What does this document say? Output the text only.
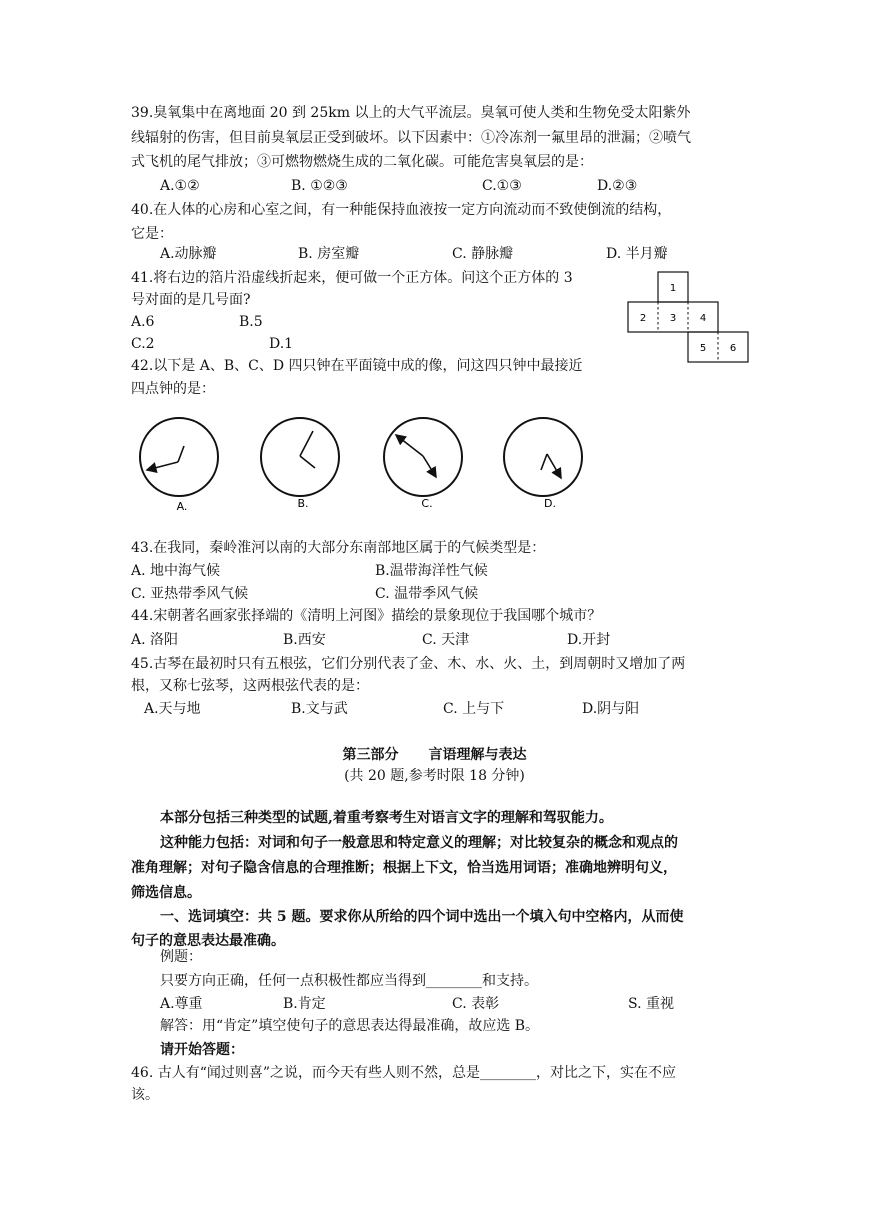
39.臭氧集中在离地面 20 到 25km 以上的大气平流层。臭氧可使人类和生物免受太阳紫外
线辐射的伤害，但目前臭氧层正受到破坏。以下因素中：①冷冻剂一氟里昂的泄漏；②喷气
式飞机的尾气排放；③可燃物燃烧生成的二氧化碳。可能危害臭氧层的是：
A.①②	B. ①②③	C.①③	D.②③
40.在人体的心房和心室之间，有一种能保持血液按一定方向流动而不致使倒流的结构，
它是：
A.动脉瓣	B. 房室瓣	C. 静脉瓣	D. 半月瓣
41.将右边的箔片沿虚线折起来，便可做一个正方体。问这个正方体的 3
号对面的是几号面?
A.6	B.5
C.2	D.1
1
2 3 4
5 6
42.以下是 A、B、C、D 四只钟在平面镜中成的像，问这四只钟中最接近
四点钟的是：
A.	B.	C.	D.
43.在我同，秦岭淮河以南的大部分东南部地区属于的气候类型是：
A. 地中海气候	B.温带海洋性气候
C. 亚热带季风气候	C. 温带季风气候
44.宋朝著名画家张择端的《清明上河图》描绘的景象现位于我国哪个城市？
A. 洛阳	B.西安	C. 天津	D.开封
45.古琴在最初时只有五根弦，它们分别代表了金、木、水、火、土，到周朝时又增加了两
根，又称七弦琴，这两根弦代表的是：
A.天与地	B.文与武	C. 上与下	D.阴与阳
第三部分 言语理解与表达
(共 20 题,参考时限 18 分钟)
本部分包括三种类型的试题,着重考察考生对语言文字的理解和驾驭能力。
这种能力包括：对词和句子一般意思和特定意义的理解；对比较复杂的概念和观点的
准角理解；对句子隐含信息的合理推断；根据上下文，恰当选用词语；准确地辨明句义，
筛选信息。
一、选词填空：共 5 题。要求你从所给的四个词中选出一个填入句中空格内，从而使
句子的意思表达最准确。
例题：
只要方向正确，任何一点积极性都应当得到________和支持。
A.尊重	B.肯定	C. 表彰	S. 重视
解答：用“肯定”填空使句子的意思表达得最准确，故应选 B。
请开始答题：
46. 古人有“闻过则喜”之说，而今天有些人则不然，总是________，对比之下，实在不应
该。
